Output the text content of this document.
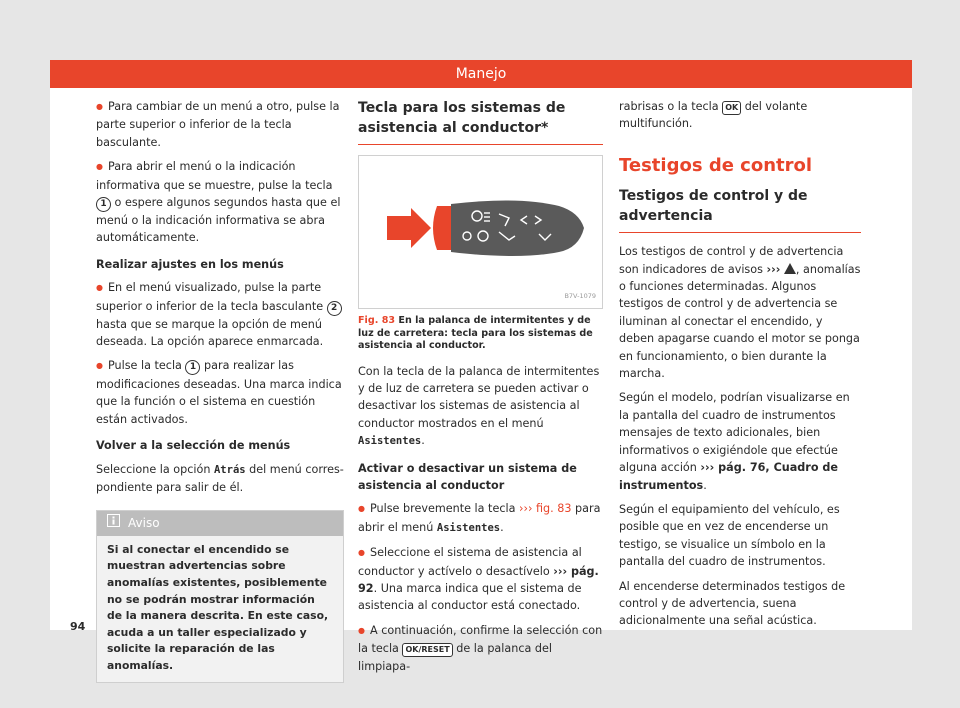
Manejo

● Para cambiar de un menú a otro, pulse la parte superior o inferior de la tecla basculante.

● Para abrir el menú o la indicación informativa que se muestre, pulse la tecla 1 o espere algunos segundos hasta que el menú o la indicación informativa se abra automáticamente.

Realizar ajustes en los menús

● En el menú visualizado, pulse la parte superior o inferior de la tecla basculante 2 hasta que se marque la opción de menú deseada. La opción aparece enmarcada.

● Pulse la tecla 1 para realizar las modificaciones deseadas. Una marca indica que la función o el sistema en cuestión están activados.

Volver a la selección de menús

Seleccione la opción Atrás del menú correspondiente para salir de él.

Aviso
Si al conectar el encendido se muestran advertencias sobre anomalías existentes, posiblemente no se podrán mostrar información de la manera descrita. En este caso, acuda a un taller especializado y solicite la reparación de las anomalías.
Tecla para los sistemas de asistencia al conductor*
B7V-1079
Fig. 83 En la palanca de intermitentes y de luz de carretera: tecla para los sistemas de asistencia al conductor.

Con la tecla de la palanca de intermitentes y de luz de carretera se pueden activar o desactivar los sistemas de asistencia al conductor mostrados en el menú Asistentes.

Activar o desactivar un sistema de asistencia al conductor

● Pulse brevemente la tecla ››› fig. 83 para abrir el menú Asistentes.

● Seleccione el sistema de asistencia al conductor y actívelo o desactívelo ››› pág. 92. Una marca indica que el sistema de asistencia al conductor está conectado.

● A continuación, confirme la selección con la tecla OK/RESET de la palanca del limpiapa-

rabrisas o la tecla OK del volante multifunción.

Testigos de control
Testigos de control y de advertencia

Los testigos de control y de advertencia son indicadores de avisos ››› , anomalías o funciones determinadas. Algunos testigos de control y de advertencia se iluminan al conectar el encendido, y deben apagarse cuando el motor se ponga en funcionamiento, o bien durante la marcha.

Según el modelo, podrían visualizarse en la pantalla del cuadro de instrumentos mensajes de texto adicionales, bien informativos o exigiéndole que efectúe alguna acción ››› pág. 76, Cuadro de instrumentos.

Según el equipamiento del vehículo, es posible que en vez de encenderse un testigo, se visualice un símbolo en la pantalla del cuadro de instrumentos.

Al encenderse determinados testigos de control y de advertencia, suena adicionalmente una señal acústica.

94
